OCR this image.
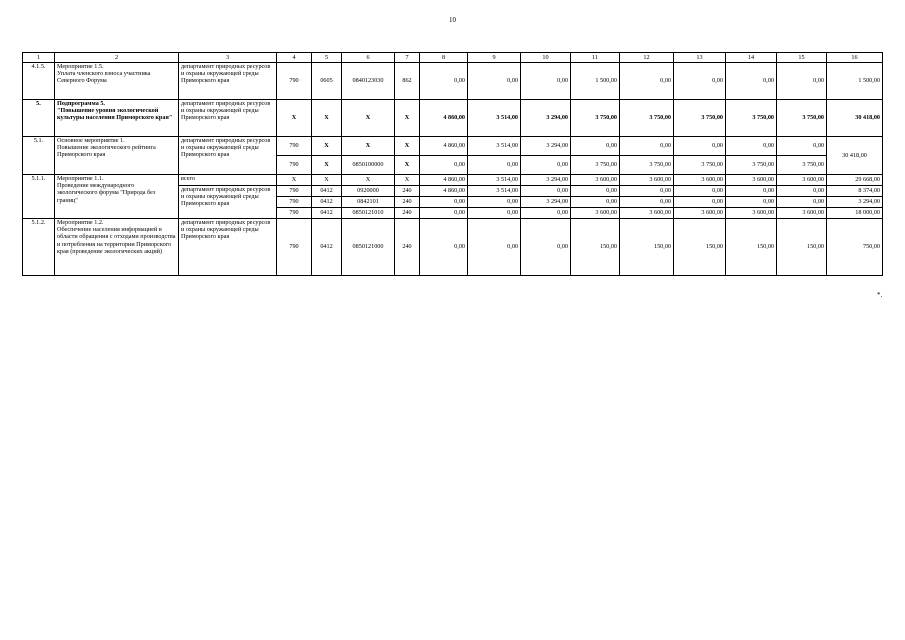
10
1	2	3	4	5	6	7	8	9	10	11	12	13	14	15	16
4.1.5.	Мероприятие 1.5.
Уплата членского взноса участника Северного Форума	департамент природных ресурсов и охраны окружающей среды Приморского края	790	0605	0840123030	862	0,00	0,00	0,00	1 500,00	0,00	0,00	0,00	0,00	1 500,00
5.	Подпрограмма 5.
"Повышение уровня экологической культуры населения Приморского края"	департамент природных ресурсов и охраны окружающей среды Приморского края	X	X	X	X	4 860,00	3 514,00	3 294,00	3 750,00	3 750,00	3 750,00	3 750,00	3 750,00	30 418,00
5.1.	Основное мероприятие 1.
Повышение экологического рейтинга Приморского края	департамент природных ресурсов и охраны окружающей среды Приморского края	790	X	X	X	4 860,00	3 514,00	3 294,00	0,00	0,00	0,00	0,00	0,00	30 418,00
			790	X	0850100000	X	0,00	0,00	0,00	3 750,00	3 750,00	3 750,00	3 750,00	3 750,00	
5.1.1.	Мероприятие 1.1.
Проведение международного экологического форума "Природа без границ"	всего	X	X	X	X	4 860,00	3 514,00	3 294,00	3 600,00	3 600,00	3 600,00	3 600,00	3 600,00	29 668,00
		департамент природных ресурсов и охраны окружающей среды Приморского края	790	0412	0920000	240	4 860,00	3 514,00	0,00	0,00	0,00	0,00	0,00	0,00	8 374,00
			790	0412	0842101	240	0,00	0,00	3 294,00	0,00	0,00	0,00	0,00	0,00	3 294,00
			790	0412	0850121010	240	0,00	0,00	0,00	3 600,00	3 600,00	3 600,00	3 600,00	3 600,00	18 000,00
5.1.2.	Мероприятие 1.2.
Обеспечение населения информацией в области обращения с отходами производства и потребления на территории Приморского края (проведение экологических акций)	департамент природных ресурсов и охраны окружающей среды Приморского края	790	0412	0850121000	240	0,00	0,00	0,00	150,00	150,00	150,00	150,00	150,00	750,00
*.
